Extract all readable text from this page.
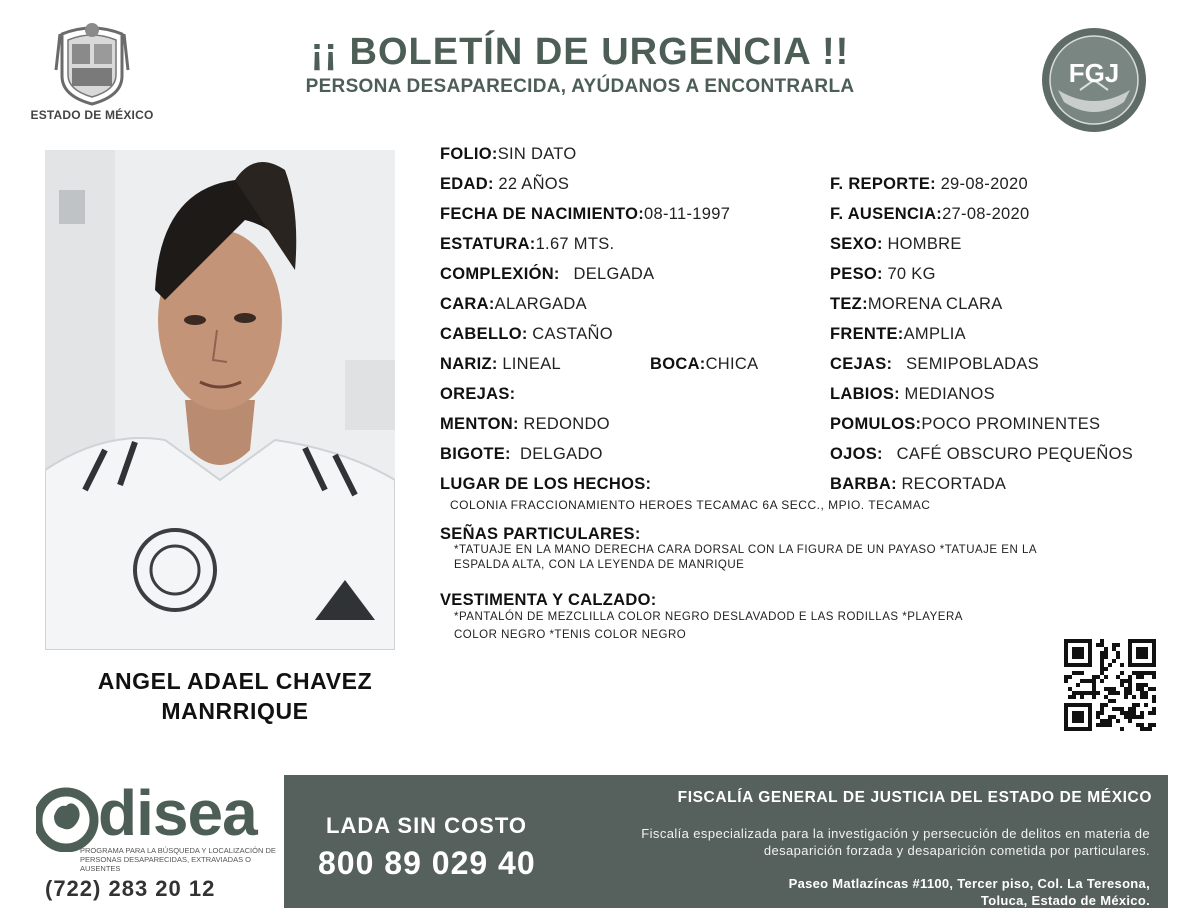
ESTADO DE MÉXICO
¡¡ BOLETÍN DE URGENCIA !!
PERSONA DESAPARECIDA, AYÚDANOS A ENCONTRARLA	FGJ
ANGEL ADAEL CHAVEZ
MANRRIQUE
FOLIO:SIN DATO
EDAD: 22 AÑOS	F. REPORTE: 29-08-2020
FECHA DE NACIMIENTO:08-11-1997	F. AUSENCIA:27-08-2020
ESTATURA:1.67 MTS.	SEXO: HOMBRE
COMPLEXIÓN: DELGADA	PESO: 70 KG
CARA:ALARGADA	TEZ:MORENA CLARA
CABELLO: CASTAÑO	FRENTE:AMPLIA
NARIZ: LINEAL	BOCA:CHICA	CEJAS: SEMIPOBLADAS
OREJAS:	LABIOS: MEDIANOS
MENTON: REDONDO	POMULOS:POCO PROMINENTES
BIGOTE: DELGADO	OJOS: CAFÉ OBSCURO PEQUEÑOS
LUGAR DE LOS HECHOS:	BARBA: RECORTADA
COLONIA FRACCIONAMIENTO HEROES TECAMAC 6A SECC., MPIO. TECAMAC
SEÑAS PARTICULARES:
*TATUAJE EN LA MANO DERECHA CARA DORSAL CON LA FIGURA DE UN PAYASO *TATUAJE EN LA
ESPALDA ALTA, CON LA LEYENDA DE MANRIQUE
VESTIMENTA Y CALZADO:
*PANTALÓN DE MEZCLILLA COLOR NEGRO DESLAVADOD E LAS RODILLAS *PLAYERA
COLOR NEGRO *TENIS COLOR NEGRO
disea
PROGRAMA PARA LA BÚSQUEDA Y LOCALIZACIÓN DE PERSONAS DESAPARECIDAS, EXTRAVIADAS O AUSENTES
(722) 283 20 12
LADA SIN COSTO
800 89 029 40
FISCALÍA GENERAL DE JUSTICIA DEL ESTADO DE MÉXICO
Fiscalía especializada para la investigación y persecución de delitos en materia de desaparición forzada y desaparición cometida por particulares.
Paseo Matlazíncas #1100, Tercer piso, Col. La Teresona,
Toluca, Estado de México.
